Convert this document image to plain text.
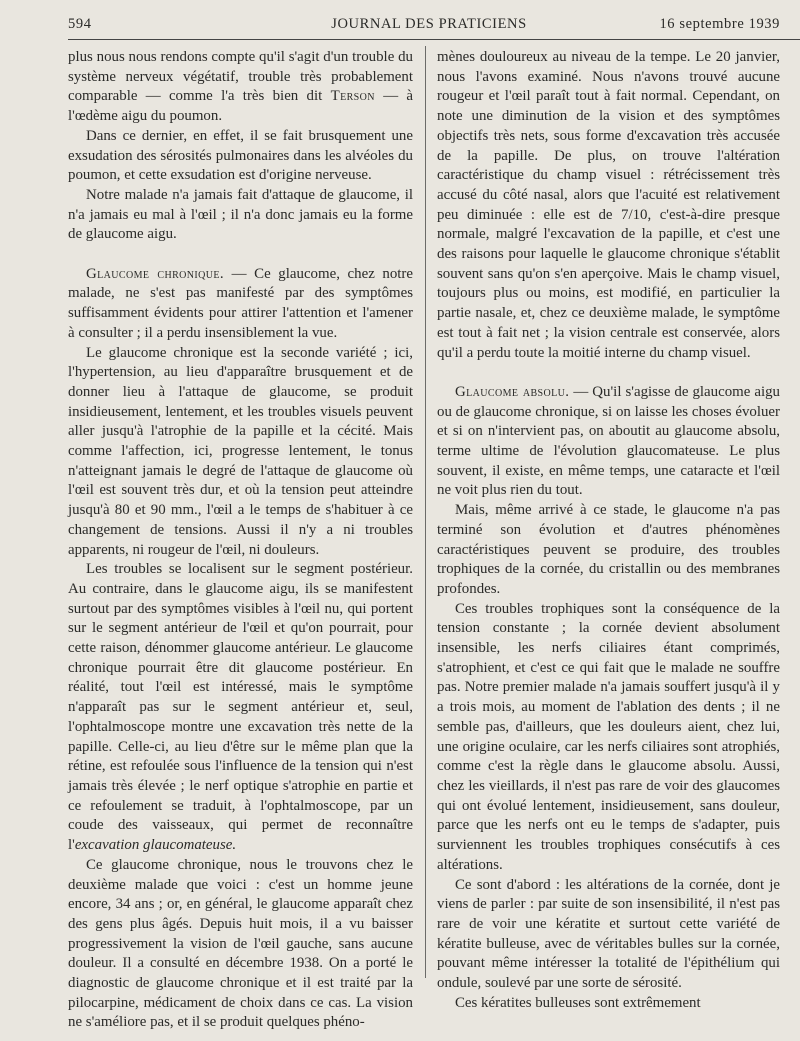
594	JOURNAL DES PRATICIENS	16 septembre 1939

plus nous nous rendons compte qu'il s'agit d'un trouble du système nerveux végétatif, trouble très probablement comparable — comme l'a très bien dit Terson — à l'œdème aigu du poumon.

Dans ce dernier, en effet, il se fait brusquement une exsudation des sérosités pulmonaires dans les alvéoles du poumon, et cette exsudation est d'origine nerveuse.

Notre malade n'a jamais fait d'attaque de glaucome, il n'a jamais eu mal à l'œil ; il n'a donc jamais eu la forme de glaucome aigu.

Glaucome chronique. — Ce glaucome, chez notre malade, ne s'est pas manifesté par des symptômes suffisamment évidents pour attirer l'attention et l'amener à consulter ; il a perdu insensiblement la vue.

Le glaucome chronique est la seconde variété ; ici, l'hypertension, au lieu d'apparaître brusquement et de donner lieu à l'attaque de glaucome, se produit insidieusement, lentement, et les troubles visuels peuvent aller jusqu'à l'atrophie de la papille et la cécité. Mais comme l'affection, ici, progresse lentement, le tonus n'atteignant jamais le degré de l'attaque de glaucome où l'œil est souvent très dur, et où la tension peut atteindre jusqu'à 80 et 90 mm., l'œil a le temps de s'habituer à ce changement de tensions. Aussi il n'y a ni troubles apparents, ni rougeur de l'œil, ni douleurs.

Les troubles se localisent sur le segment postérieur. Au contraire, dans le glaucome aigu, ils se manifestent surtout par des symptômes visibles à l'œil nu, qui portent sur le segment antérieur de l'œil et qu'on pourrait, pour cette raison, dénommer glaucome antérieur. Le glaucome chronique pourrait être dit glaucome postérieur. En réalité, tout l'œil est intéressé, mais le symptôme n'apparaît pas sur le segment antérieur et, seul, l'ophtalmoscope montre une excavation très nette de la papille. Celle-ci, au lieu d'être sur le même plan que la rétine, est refoulée sous l'influence de la tension qui n'est jamais très élevée ; le nerf optique s'atrophie en partie et ce refoulement se traduit, à l'ophtalmoscope, par un coude des vaisseaux, qui permet de reconnaître l'excavation glaucomateuse.

Ce glaucome chronique, nous le trouvons chez le deuxième malade que voici : c'est un homme jeune encore, 34 ans ; or, en général, le glaucome apparaît chez des gens plus âgés. Depuis huit mois, il a vu baisser progressivement la vision de l'œil gauche, sans aucune douleur. Il a consulté en décembre 1938. On a porté le diagnostic de glaucome chronique et il est traité par la pilocarpine, médicament de choix dans ce cas. La vision ne s'améliore pas, et il se produit quelques phéno-

mènes douloureux au niveau de la tempe. Le 20 janvier, nous l'avons examiné. Nous n'avons trouvé aucune rougeur et l'œil paraît tout à fait normal. Cependant, on note une diminution de la vision et des symptômes objectifs très nets, sous forme d'excavation très accusée de la papille. De plus, on trouve l'altération caractéristique du champ visuel : rétrécissement très accusé du côté nasal, alors que l'acuité est relativement peu diminuée : elle est de 7/10, c'est-à-dire presque normale, malgré l'excavation de la papille, et c'est une des raisons pour laquelle le glaucome chronique s'établit souvent sans qu'on s'en aperçoive. Mais le champ visuel, toujours plus ou moins, est modifié, en particulier la partie nasale, et, chez ce deuxième malade, le symptôme est tout à fait net ; la vision centrale est conservée, alors qu'il a perdu toute la moitié interne du champ visuel.

Glaucome absolu. — Qu'il s'agisse de glaucome aigu ou de glaucome chronique, si on laisse les choses évoluer et si on n'intervient pas, on aboutit au glaucome absolu, terme ultime de l'évolution glaucomateuse. Le plus souvent, il existe, en même temps, une cataracte et l'œil ne voit plus rien du tout.

Mais, même arrivé à ce stade, le glaucome n'a pas terminé son évolution et d'autres phénomènes caractéristiques peuvent se produire, des troubles trophiques de la cornée, du cristallin ou des membranes profondes.

Ces troubles trophiques sont la conséquence de la tension constante ; la cornée devient absolument insensible, les nerfs ciliaires étant comprimés, s'atrophient, et c'est ce qui fait que le malade ne souffre pas. Notre premier malade n'a jamais souffert jusqu'à il y a trois mois, au moment de l'ablation des dents ; il ne semble pas, d'ailleurs, que les douleurs aient, chez lui, une origine oculaire, car les nerfs ciliaires sont atrophiés, comme c'est la règle dans le glaucome absolu. Aussi, chez les vieillards, il n'est pas rare de voir des glaucomes qui ont évolué lentement, insidieusement, sans douleur, parce que les nerfs ont eu le temps de s'adapter, puis surviennent les troubles trophiques consécutifs à ces altérations.

Ce sont d'abord : les altérations de la cornée, dont je viens de parler : par suite de son insensibilité, il n'est pas rare de voir une kératite et surtout cette variété de kératite bulleuse, avec de véritables bulles sur la cornée, pouvant même intéresser la totalité de l'épithélium qui ondule, soulevé par une sorte de sérosité.

Ces kératites bulleuses sont extrêmement
